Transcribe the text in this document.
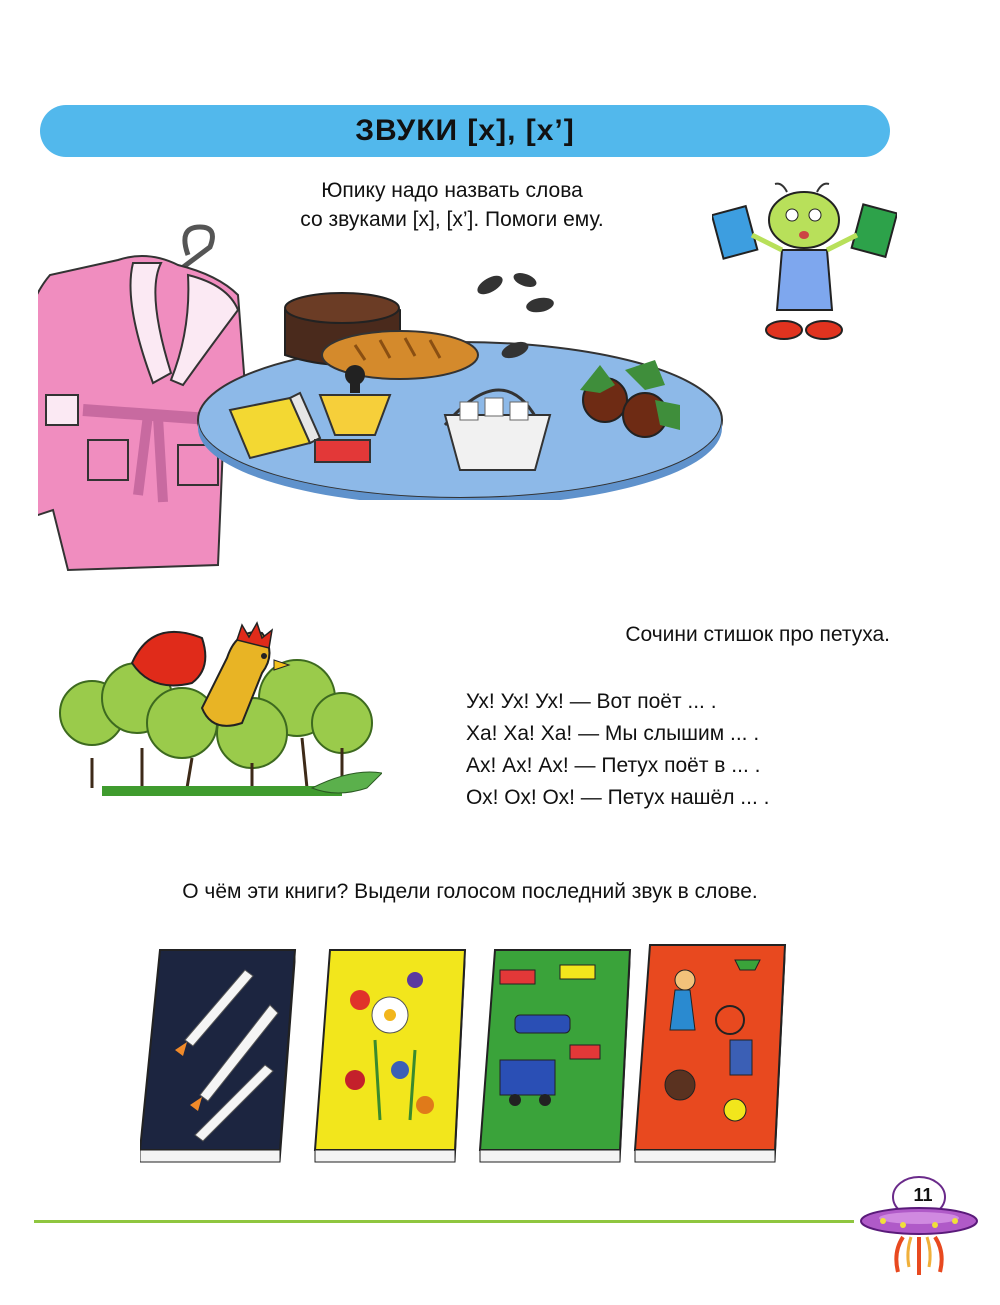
ЗВУКИ [х], [х’]
Юпику надо назвать слова
со звуками [х], [х’]. Помоги ему.
Сочини стишок про петуха.
Ух! Ух! Ух! — Вот поёт ... .
Ха! Ха! Ха! — Мы слышим ... .
Ах! Ах! Ах! — Петух поёт в ... .
Ох! Ох! Ох! — Петух нашёл ... .
О чём эти книги? Выдели голосом последний звук в слове.
11
